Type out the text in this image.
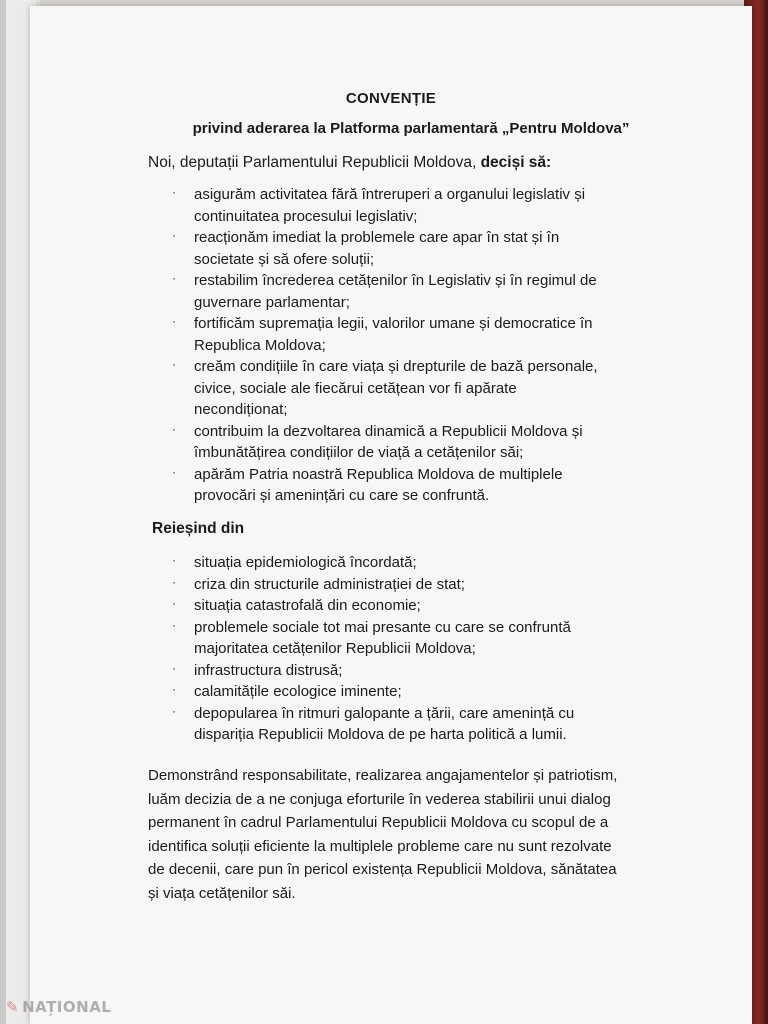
CONVENȚIE
privind aderarea la Platforma parlamentară „Pentru Moldova”
Noi, deputații Parlamentului Republicii Moldova, deciși să:
· asigurăm activitatea fără întreruperi a organului legislativ și
continuitatea procesului legislativ;
· reacționăm imediat la problemele care apar în stat și în
societate și să ofere soluții;
· restabilim încrederea cetățenilor în Legislativ și în regimul de
guvernare parlamentar;
· fortificăm supremația legii, valorilor umane și democratice în
Republica Moldova;
· creăm condițiile în care viața și drepturile de bază personale,
civice, sociale ale fiecărui cetățean vor fi apărate
necondiționat;
· contribuim la dezvoltarea dinamică a Republicii Moldova și
îmbunătățirea condițiilor de viață a cetățenilor săi;
· apărăm Patria noastră Republica Moldova de multiplele
provocări și amenințări cu care se confruntă.
Reieșind din
· situația epidemiologică încordată;
· criza din structurile administrației de stat;
· situația catastrofală din economie;
· problemele sociale tot mai presante cu care se confruntă
majoritatea cetățenilor Republicii Moldova;
· infrastructura distrusă;
· calamitățile ecologice iminente;
· depopularea în ritmuri galopante a țării, care amenință cu
dispariția Republicii Moldova de pe harta politică a lumii.
Demonstrând responsabilitate, realizarea angajamentelor și patriotism,
luăm decizia de a ne conjuga eforturile în vederea stabilirii unui dialog
permanent în cadrul Parlamentului Republicii Moldova cu scopul de a
identifica soluții eficiente la multiplele probleme care nu sunt rezolvate
de decenii, care pun în pericol existența Republicii Moldova, sănătatea
și viața cetățenilor săi.
✎ NAȚIONAL
